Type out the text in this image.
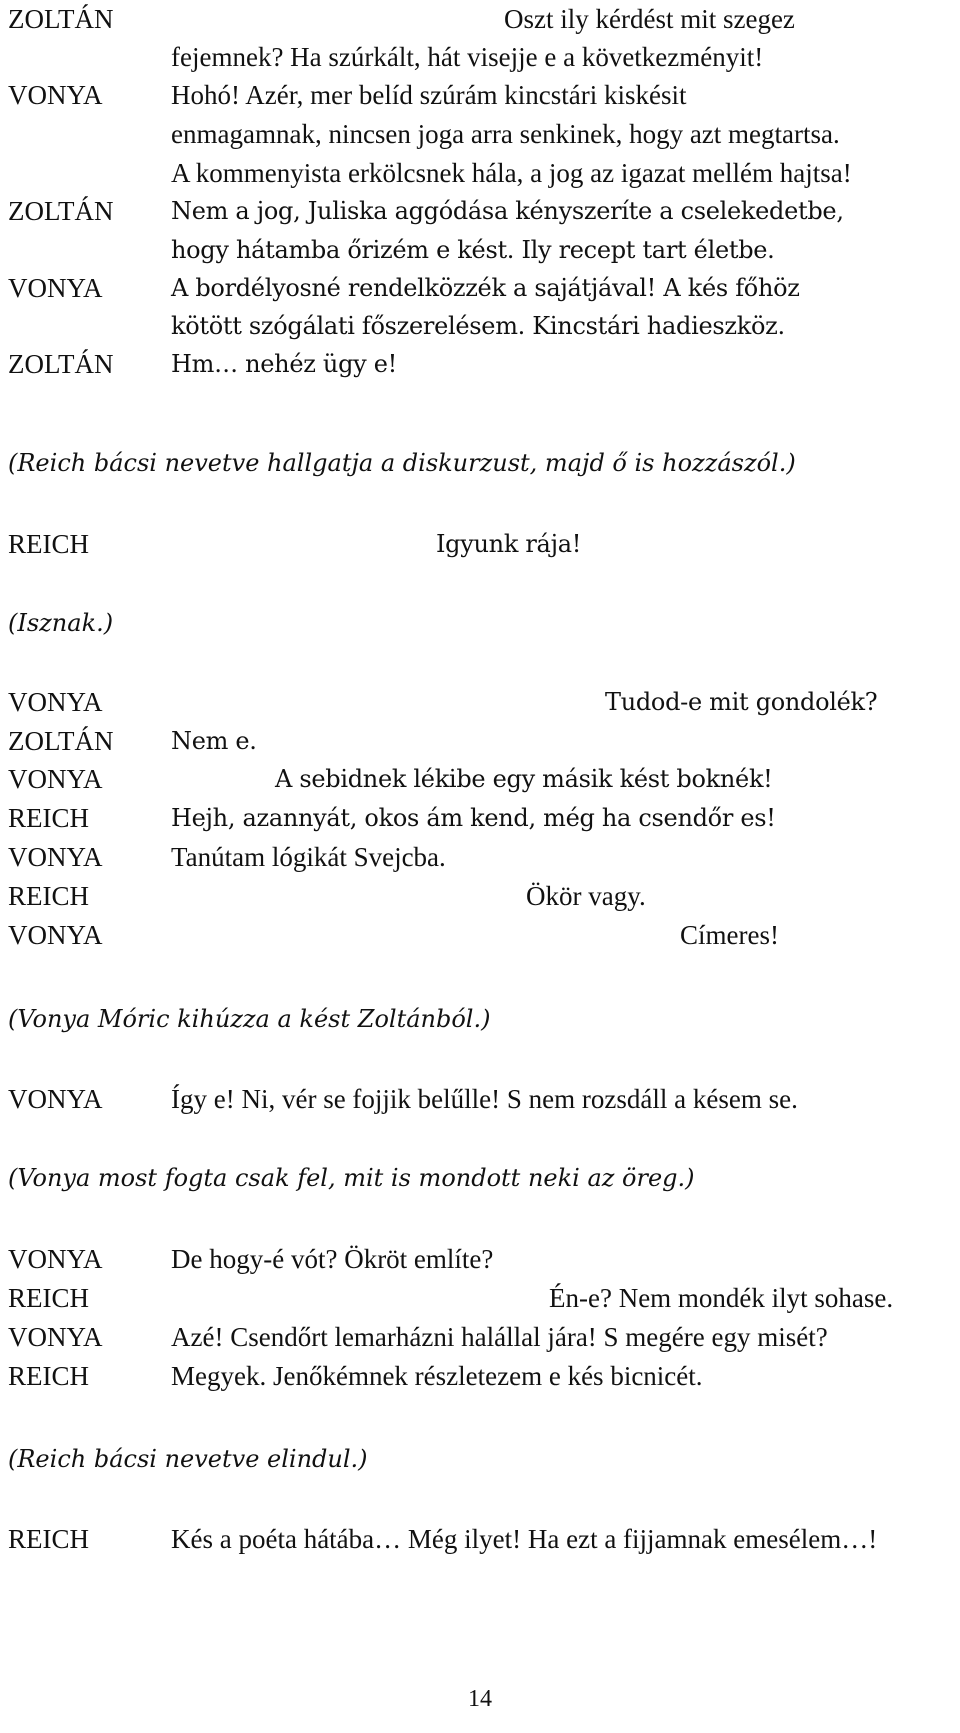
ZOLTÁN	Oszt ily kérdést mit szegez
fejemnek? Ha szúrkált, hát visejje e a következményit!
VONYA	Hohó! Azér, mer belíd szúrám kincstári kiskésit
enmagamnak, nincsen joga arra senkinek, hogy azt megtartsa.
A kommenyista erkölcsnek hála, a jog az igazat mellém hajtsa!
ZOLTÁN Nem a jog, Juliska aggódása kényszeríte a cselekedetbe,
hogy hátamba őrizém e kést. Ily recept tart életbe.
VONYA	A bordélyosné rendelközzék a sajátjával! A kés főhöz
kötött szógálati főszerelésem. Kincstári hadieszköz.
ZOLTÁN Hm… nehéz ügy e!
(Reich bácsi nevetve hallgatja a diskurzust, majd ő is hozzászól.)
REICH	Igyunk rája!
(Isznak.)
VONYA	Tudod-e mit gondolék?
ZOLTÁN Nem e.
VONYA	A sebidnek lékibe egy másik kést boknék!
REICH	Hejh, azannyát, okos ám kend, még ha csendőr es!
VONYA	Tanútam lógikát Svejcba.
REICH	Ökör vagy.
VONYA	Címeres!
(Vonya Móric kihúzza a kést Zoltánból.)
VONYA	Így e! Ni, vér se fojjik belűlle! S nem rozsdáll a késem se.
(Vonya most fogta csak fel, mit is mondott neki az öreg.)
VONYA	De hogy-é vót? Ökröt említe?
REICH	Én-e? Nem mondék ilyt sohase.
VONYA	Azé! Csendőrt lemarházni halállal jára! S megére egy misét?
REICH	Megyek. Jenőkémnek részletezem e kés bicnicét.
(Reich bácsi nevetve elindul.)
REICH	Kés a poéta hátába… Még ilyet! Ha ezt a fijjamnak emesélem…!
14
